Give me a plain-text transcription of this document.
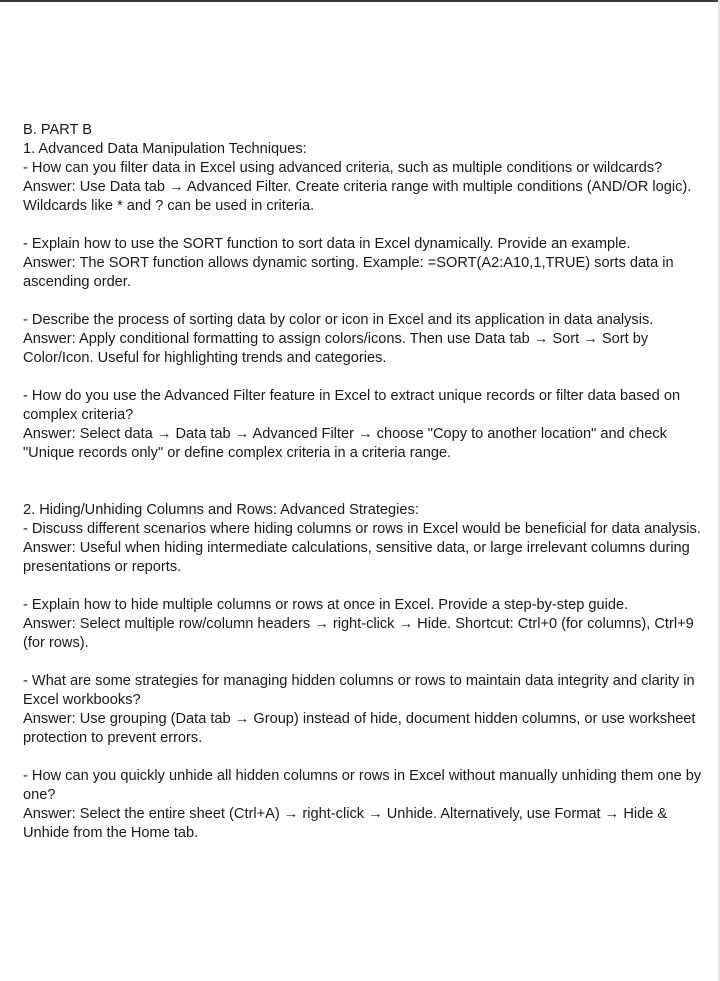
B. PART B

1. Advanced Data Manipulation Techniques:

- How can you filter data in Excel using advanced criteria, such as multiple conditions or wildcards?

Answer: Use Data tab → Advanced Filter. Create criteria range with multiple conditions (AND/OR logic). Wildcards like * and ? can be used in criteria.

- Explain how to use the SORT function to sort data in Excel dynamically. Provide an example.

Answer: The SORT function allows dynamic sorting. Example: =SORT(A2:A10,1,TRUE) sorts data in ascending order.

- Describe the process of sorting data by color or icon in Excel and its application in data analysis.

Answer: Apply conditional formatting to assign colors/icons. Then use Data tab → Sort → Sort by Color/Icon. Useful for highlighting trends and categories.

- How do you use the Advanced Filter feature in Excel to extract unique records or filter data based on complex criteria?

Answer: Select data → Data tab → Advanced Filter → choose "Copy to another location" and check "Unique records only" or define complex criteria in a criteria range.

2. Hiding/Unhiding Columns and Rows: Advanced Strategies:

- Discuss different scenarios where hiding columns or rows in Excel would be beneficial for data analysis.

Answer: Useful when hiding intermediate calculations, sensitive data, or large irrelevant columns during presentations or reports.

- Explain how to hide multiple columns or rows at once in Excel. Provide a step-by-step guide.

Answer: Select multiple row/column headers → right-click → Hide. Shortcut: Ctrl+0 (for columns), Ctrl+9 (for rows).

- What are some strategies for managing hidden columns or rows to maintain data integrity and clarity in Excel workbooks?

Answer: Use grouping (Data tab → Group) instead of hide, document hidden columns, or use worksheet protection to prevent errors.

- How can you quickly unhide all hidden columns or rows in Excel without manually unhiding them one by one?

Answer: Select the entire sheet (Ctrl+A) → right-click → Unhide. Alternatively, use Format → Hide & Unhide from the Home tab.
